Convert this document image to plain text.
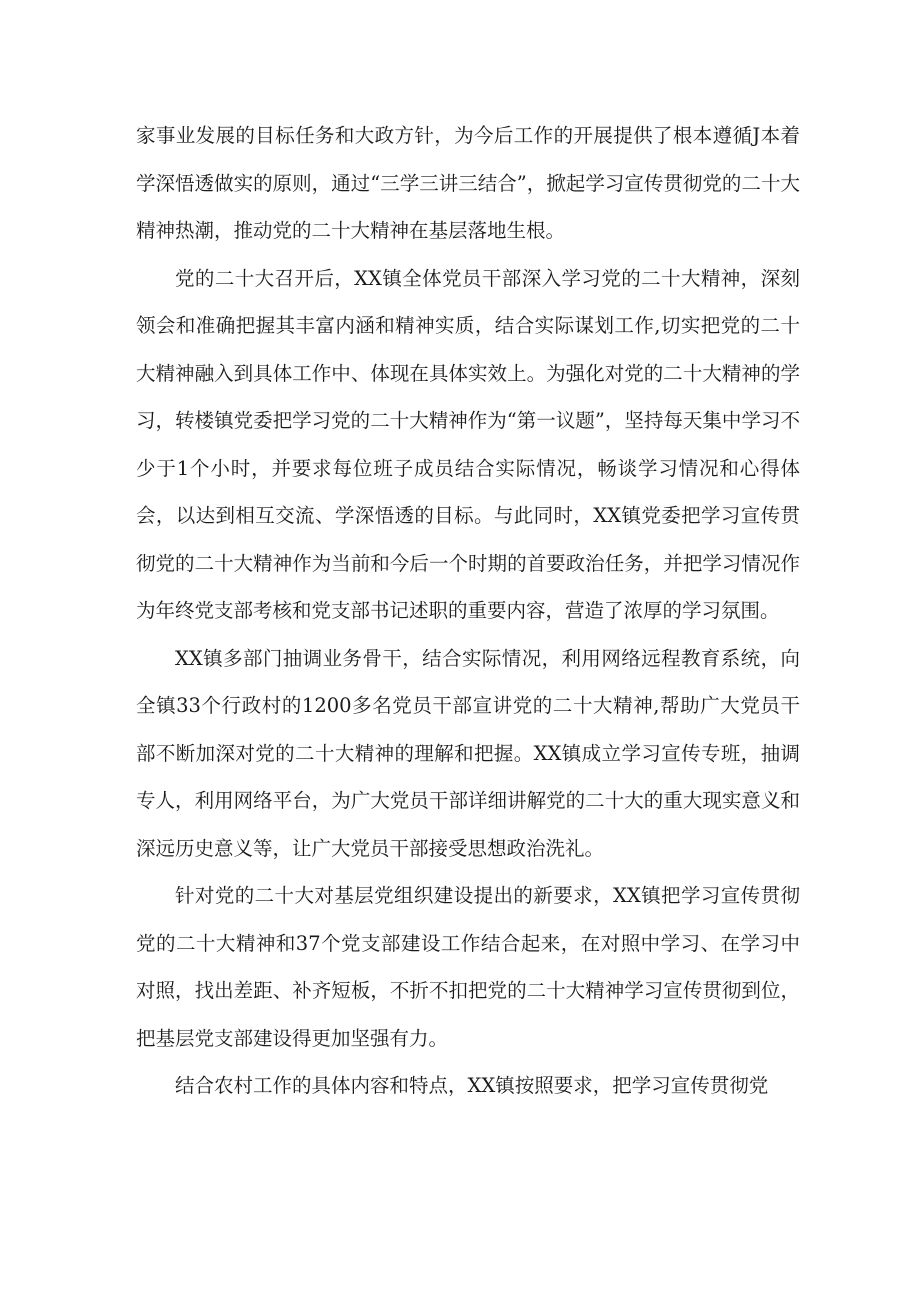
家事业发展的目标任务和大政方针，为今后工作的开展提供了根本遵循J本着学深悟透做实的原则，通过“三学三讲三结合”，掀起学习宣传贯彻党的二十大精神热潮，推动党的二十大精神在基层落地生根。

党的二十大召开后，XX镇全体党员干部深入学习党的二十大精神，深刻领会和准确把握其丰富内涵和精神实质，结合实际谋划工作,切实把党的二十大精神融入到具体工作中、体现在具体实效上。为强化对党的二十大精神的学习，转楼镇党委把学习党的二十大精神作为“第一议题”，坚持每天集中学习不少于1个小时，并要求每位班子成员结合实际情况，畅谈学习情况和心得体会，以达到相互交流、学深悟透的目标。与此同时，XX镇党委把学习宣传贯彻党的二十大精神作为当前和今后一个时期的首要政治任务，并把学习情况作为年终党支部考核和党支部书记述职的重要内容，营造了浓厚的学习氛围。

XX镇多部门抽调业务骨干，结合实际情况，利用网络远程教育系统，向全镇33个行政村的1200多名党员干部宣讲党的二十大精神,帮助广大党员干部不断加深对党的二十大精神的理解和把握。XX镇成立学习宣传专班，抽调专人，利用网络平台，为广大党员干部详细讲解党的二十大的重大现实意义和深远历史意义等，让广大党员干部接受思想政治洗礼。

针对党的二十大对基层党组织建设提出的新要求，XX镇把学习宣传贯彻党的二十大精神和37个党支部建设工作结合起来，在对照中学习、在学习中对照，找出差距、补齐短板，不折不扣把党的二十大精神学习宣传贯彻到位，把基层党支部建设得更加坚强有力。

结合农村工作的具体内容和特点，XX镇按照要求，把学习宣传贯彻党
